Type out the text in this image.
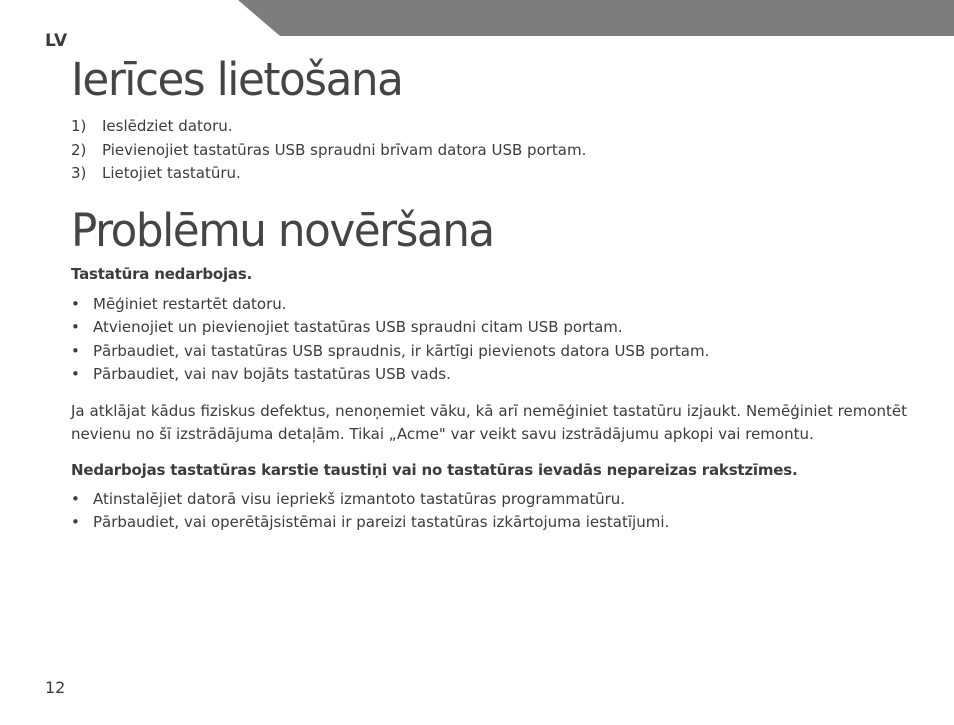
LV
Ierīces lietošana
1) Ieslēdziet datoru.
2) Pievienojiet tastatūras USB spraudni brīvam datora USB portam.
3) Lietojiet tastatūru.
Problēmu novēršana
Tastatūra nedarbojas.
• Mēģiniet restartēt datoru.
• Atvienojiet un pievienojiet tastatūras USB spraudni citam USB portam.
• Pārbaudiet, vai tastatūras USB spraudnis, ir kārtīgi pievienots datora USB portam.
• Pārbaudiet, vai nav bojāts tastatūras USB vads.

Ja atklājat kādus fiziskus defektus, nenoņemiet vāku, kā arī nemēģiniet tastatūru izjaukt. Nemēģiniet remontēt nevienu no šī izstrādājuma detaļām. Tikai „Acme" var veikt savu izstrādājumu apkopi vai remontu.

Nedarbojas tastatūras karstie taustiņi vai no tastatūras ievadās nepareizas rakstzīmes.
• Atinstalējiet datorā visu iepriekš izmantoto tastatūras programmatūru.
• Pārbaudiet, vai operētājsistēmai ir pareizi tastatūras izkārtojuma iestatījumi.
12
